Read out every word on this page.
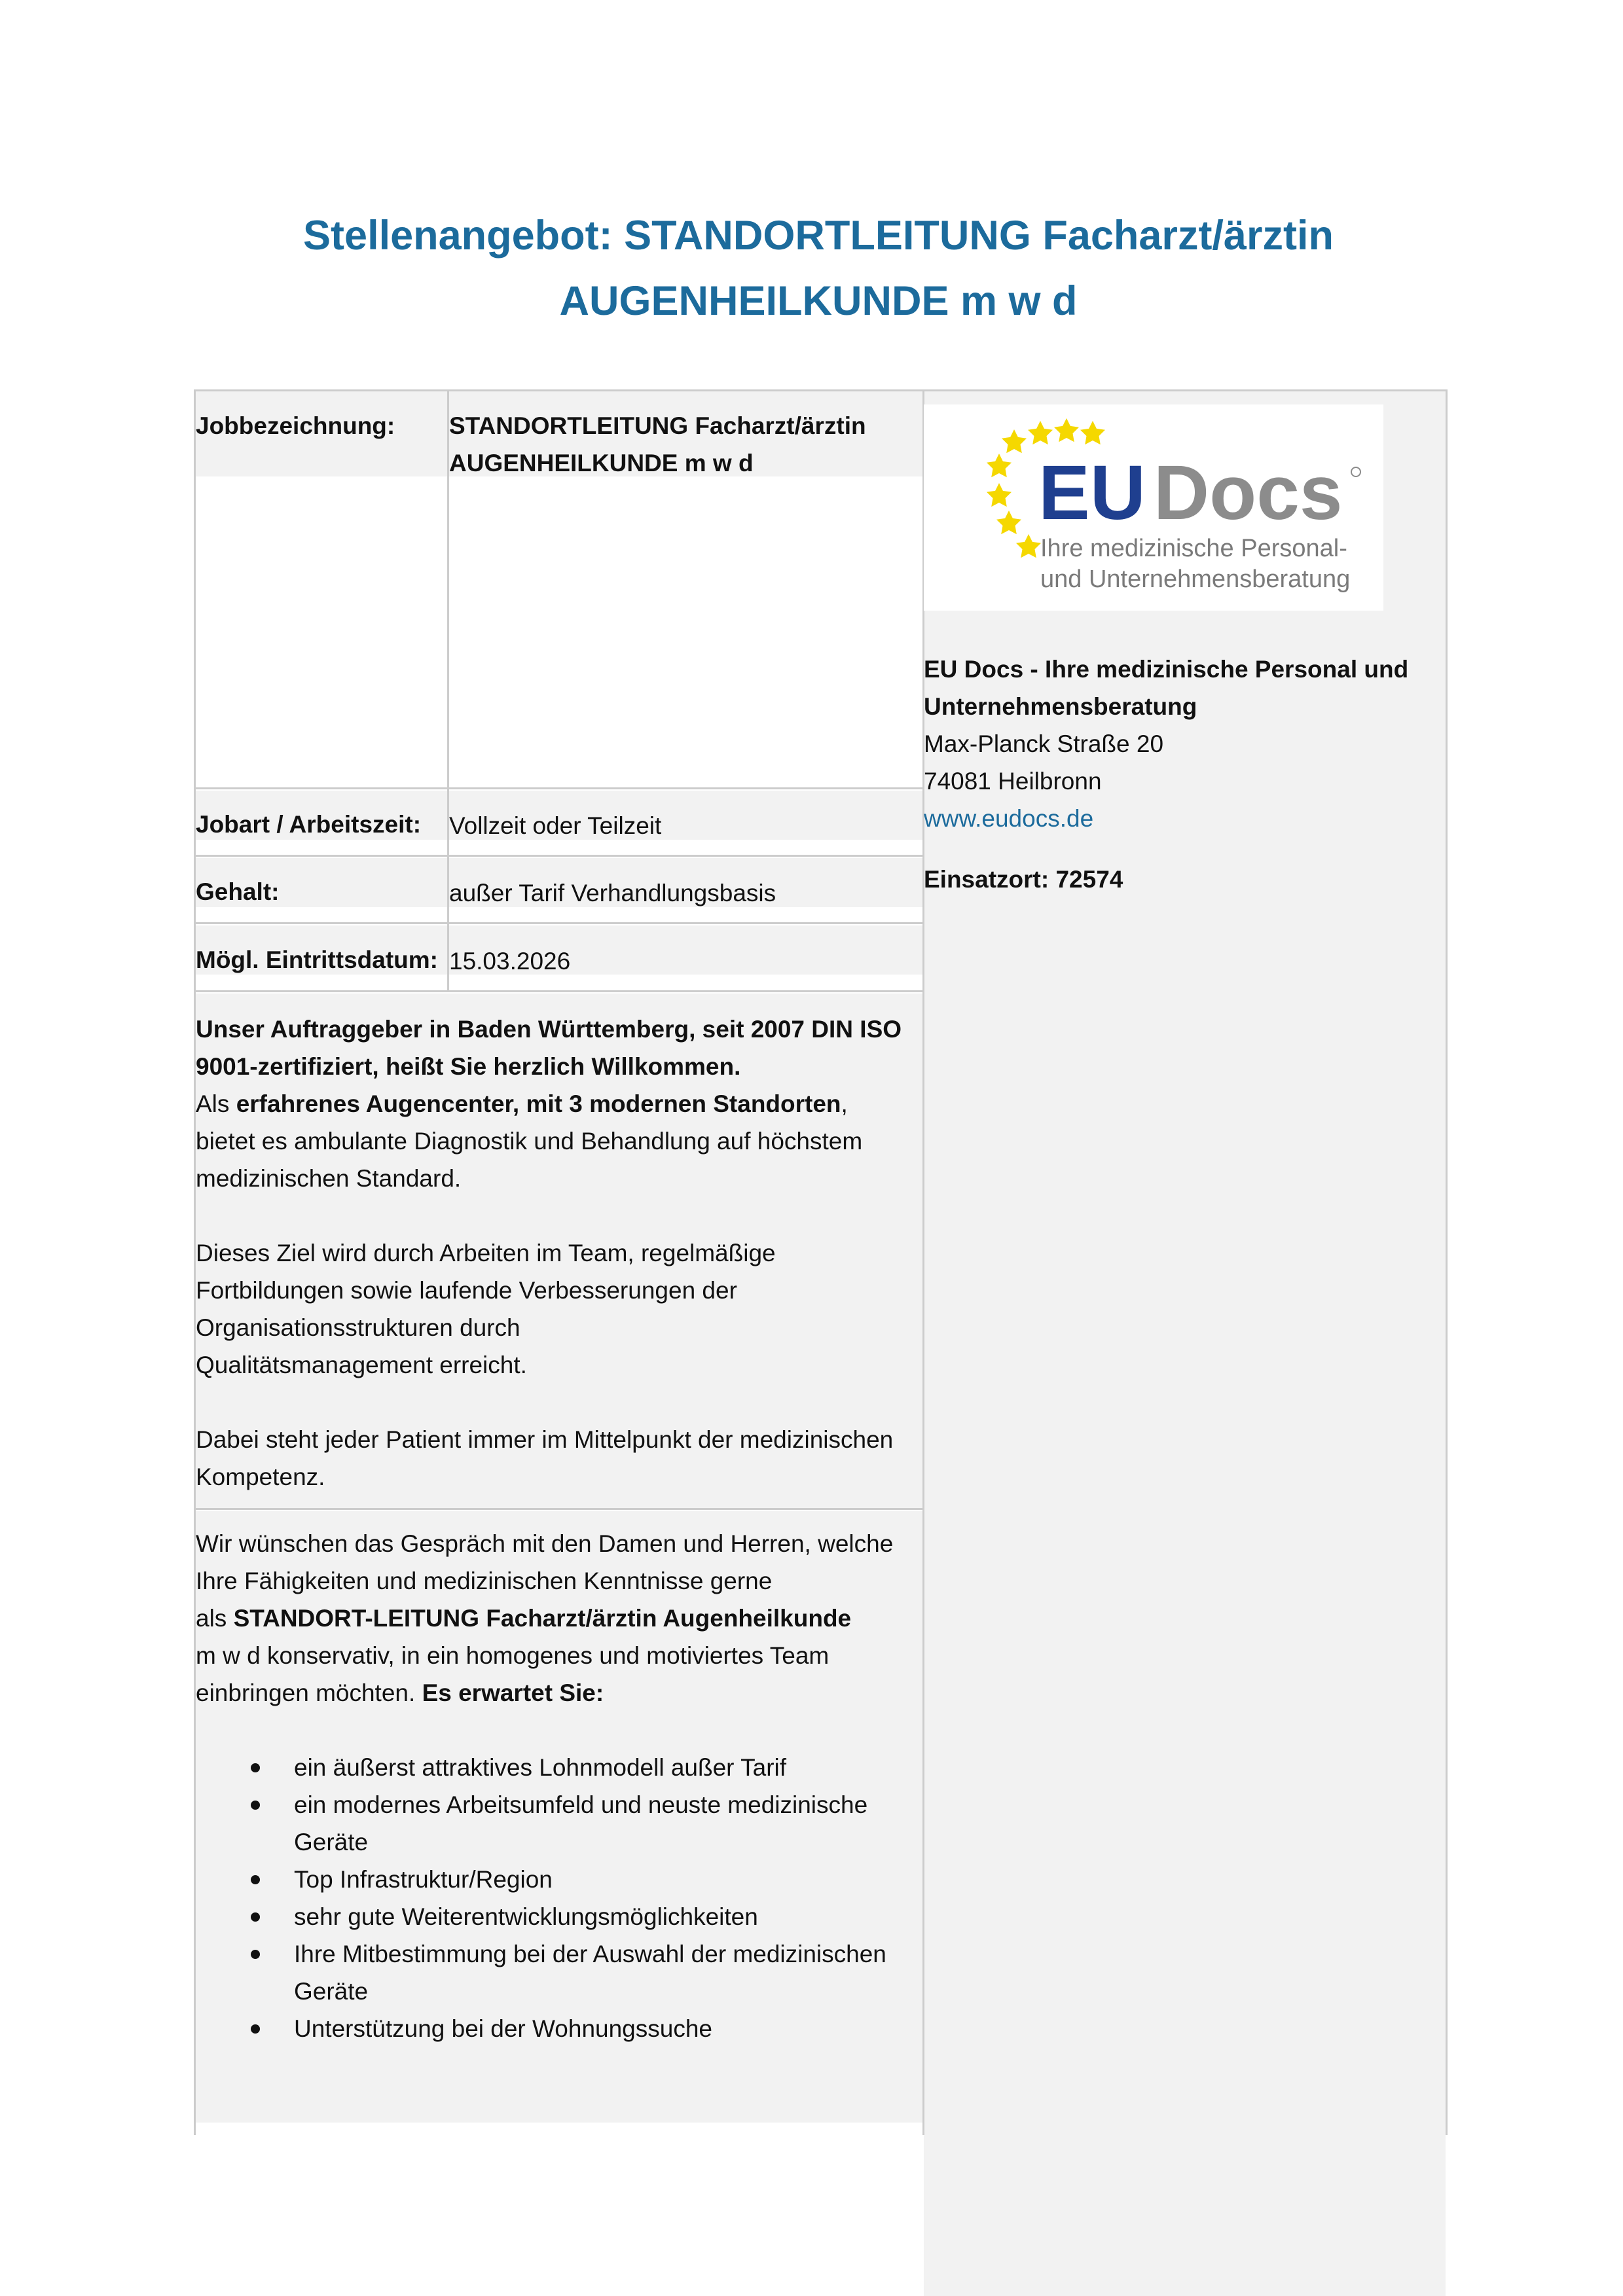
Stellenangebot: STANDORTLEITUNG Facharzt/ärztin
AUGENHEILKUNDE m w d
Jobbezeichnung: STANDORTLEITUNG Facharzt/ärztin
AUGENHEILKUNDE m w d
Jobart / Arbeitszeit: Vollzeit oder Teilzeit
Gehalt:	außer Tarif Verhandlungsbasis
Mögl. Eintrittsdatum: 15.03.2026

Unser Auftraggeber in Baden Württemberg, seit 2007 DIN ISO
9001-zertifiziert, heißt Sie herzlich Willkommen.

Als erfahrenes Augencenter, mit 3 modernen Standorten,
bietet es ambulante Diagnostik und Behandlung auf höchstem
medizinischen Standard.

Dieses Ziel wird durch Arbeiten im Team, regelmäßige
Fortbildungen sowie laufende Verbesserungen der
Organisationsstrukturen durch
Qualitätsmanagement erreicht.

Dabei steht jeder Patient immer im Mittelpunkt der medizinischen
Kompetenz.

Wir wünschen das Gespräch mit den Damen und Herren, welche
Ihre Fähigkeiten und medizinischen Kenntnisse gerne
als STANDORT-LEITUNG Facharzt/ärztin Augenheilkunde
m w d konservativ, in ein homogenes und motiviertes Team
einbringen möchten. Es erwartet Sie:

ein äußerst attraktives Lohnmodell außer Tarif
ein modernes Arbeitsumfeld und neuste medizinische
Geräte
Top Infrastruktur/Region
sehr gute Weiterentwicklungsmöglichkeiten
Ihre Mitbestimmung bei der Auswahl der medizinischen
Geräte
Unterstützung bei der Wohnungssuche
EU Docs
Ihre medizinische Personal-
und Unternehmensberatung
EU Docs - Ihre medizinische Personal und
Unternehmensberatung
Max-Planck Straße 20
74081 Heilbronn
www.eudocs.de
Einsatzort: 72574
